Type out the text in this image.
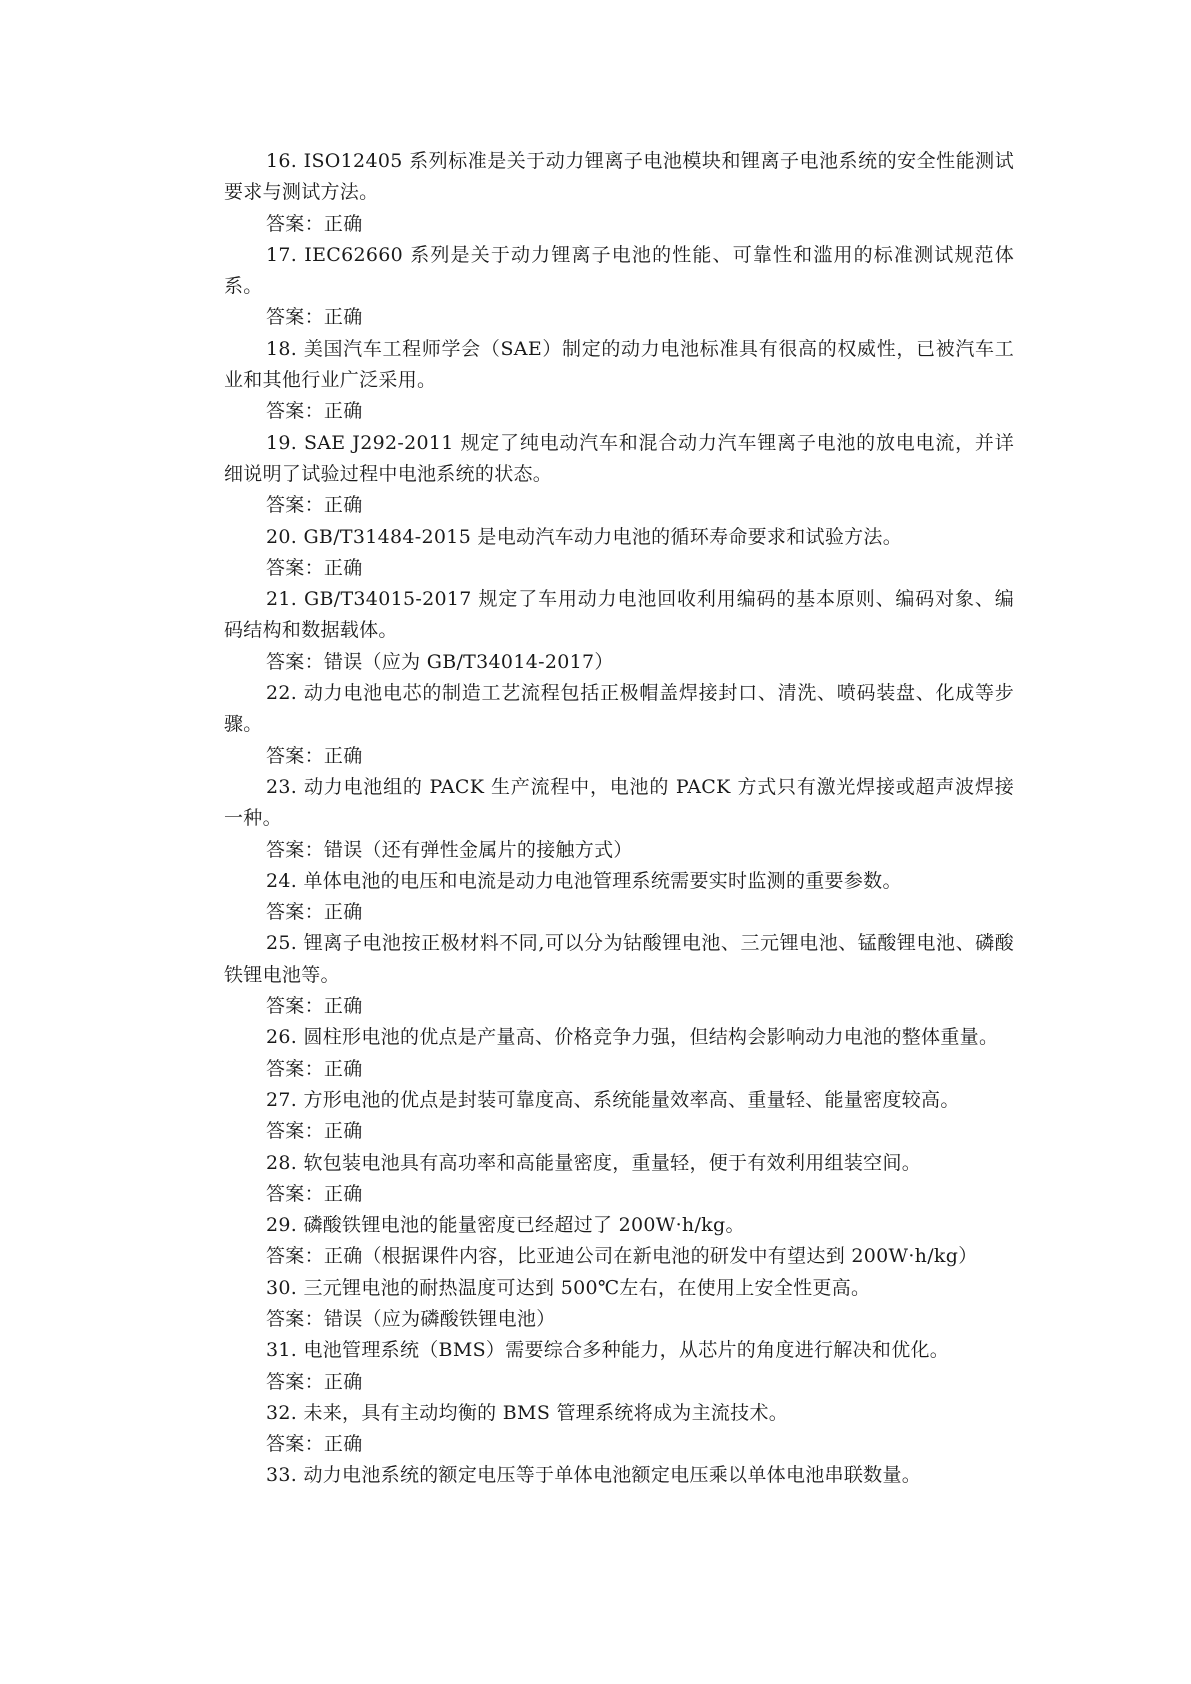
16. ISO12405 系列标准是关于动力锂离子电池模块和锂离子电池系统的安全性能测试要求与测试方法。

答案：正确

17. IEC62660 系列是关于动力锂离子电池的性能、可靠性和滥用的标准测试规范体系。

答案：正确

18. 美国汽车工程师学会（SAE）制定的动力电池标准具有很高的权威性，已被汽车工业和其他行业广泛采用。

答案：正确

19. SAE J292-2011 规定了纯电动汽车和混合动力汽车锂离子电池的放电电流，并详细说明了试验过程中电池系统的状态。

答案：正确

20. GB/T31484-2015 是电动汽车动力电池的循环寿命要求和试验方法。

答案：正确

21. GB/T34015-2017 规定了车用动力电池回收利用编码的基本原则、编码对象、编码结构和数据载体。

答案：错误（应为 GB/T34014-2017）

22. 动力电池电芯的制造工艺流程包括正极帽盖焊接封口、清洗、喷码装盘、化成等步骤。

答案：正确

23. 动力电池组的 PACK 生产流程中，电池的 PACK 方式只有激光焊接或超声波焊接一种。

答案：错误（还有弹性金属片的接触方式）

24. 单体电池的电压和电流是动力电池管理系统需要实时监测的重要参数。

答案：正确

25. 锂离子电池按正极材料不同,可以分为钴酸锂电池、三元锂电池、锰酸锂电池、磷酸铁锂电池等。

答案：正确

26. 圆柱形电池的优点是产量高、价格竞争力强，但结构会影响动力电池的整体重量。

答案：正确

27. 方形电池的优点是封装可靠度高、系统能量效率高、重量轻、能量密度较高。

答案：正确

28. 软包装电池具有高功率和高能量密度，重量轻，便于有效利用组装空间。

答案：正确

29. 磷酸铁锂电池的能量密度已经超过了 200W·h/kg。

答案：正确（根据课件内容，比亚迪公司在新电池的研发中有望达到 200W·h/kg）

30. 三元锂电池的耐热温度可达到 500℃左右，在使用上安全性更高。

答案：错误（应为磷酸铁锂电池）

31. 电池管理系统（BMS）需要综合多种能力，从芯片的角度进行解决和优化。

答案：正确

32. 未来，具有主动均衡的 BMS 管理系统将成为主流技术。

答案：正确

33. 动力电池系统的额定电压等于单体电池额定电压乘以单体电池串联数量。
